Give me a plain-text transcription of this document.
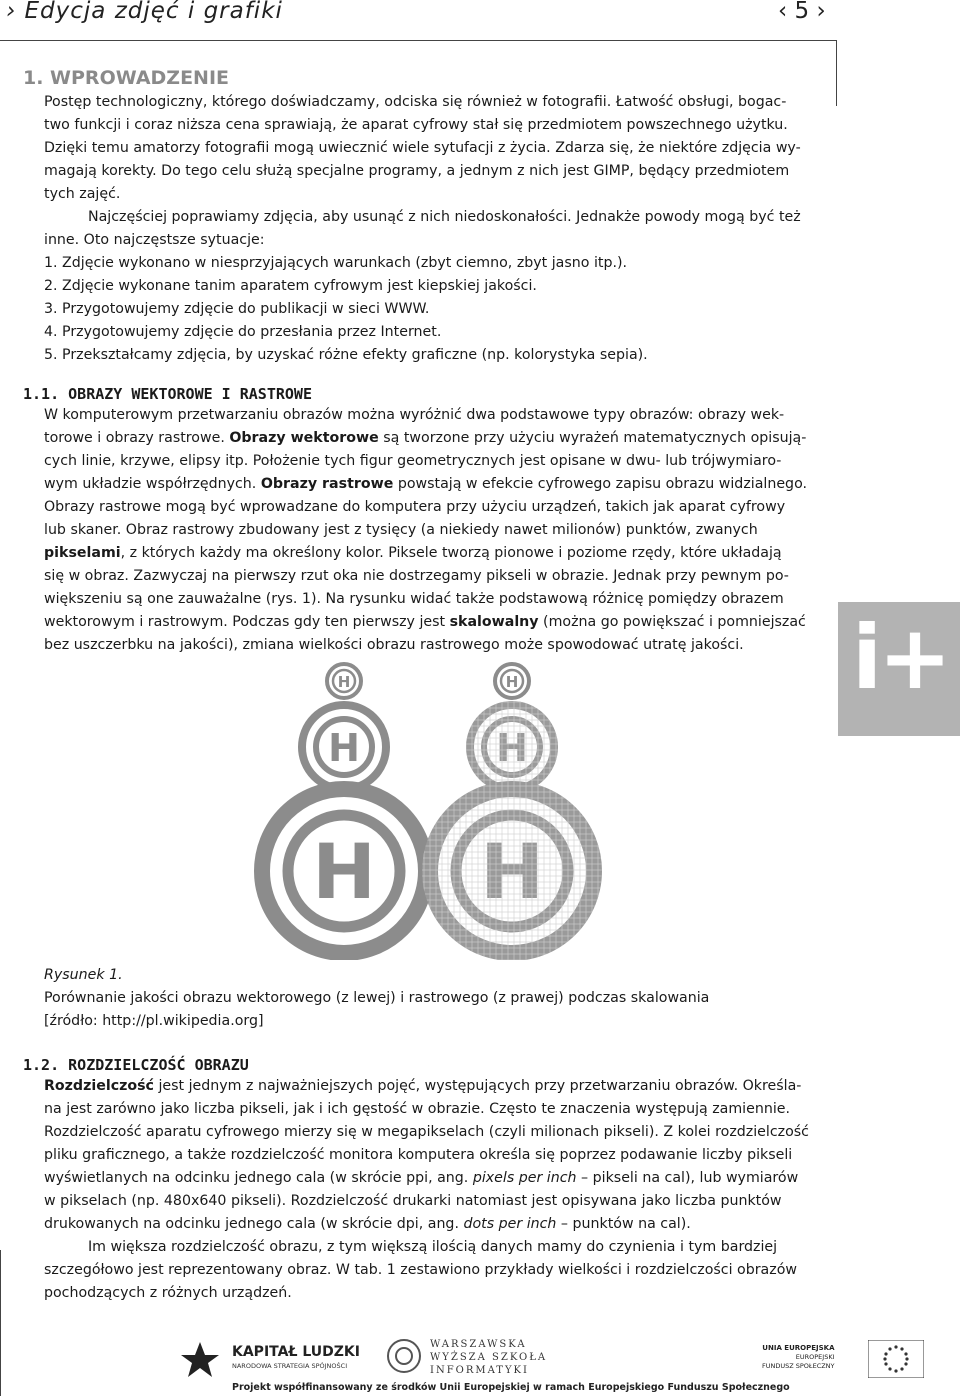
› Edycja zdjęć i grafiki	‹ 5 ›
1. WPROWADZENIE
Postęp technologiczny, którego doświadczamy, odciska się również w fotografii. Łatwość obsługi, bogac-
two funkcji i coraz niższa cena sprawiają, że aparat cyfrowy stał się przedmiotem powszechnego użytku.
Dzięki temu amatorzy fotografii mogą uwiecznić wiele sytufacji z życia. Zdarza się, że niektóre zdjęcia wy-
magają korekty. Do tego celu służą specjalne programy, a jednym z nich jest GIMP, będący przedmiotem
tych zajęć.
Najczęściej poprawiamy zdjęcia, aby usunąć z nich niedoskonałości. Jednakże powody mogą być też
inne. Oto najczęstsze sytuacje:
1. Zdjęcie wykonano w niesprzyjających warunkach (zbyt ciemno, zbyt jasno itp.).
2. Zdjęcie wykonane tanim aparatem cyfrowym jest kiepskiej jakości.
3. Przygotowujemy zdjęcie do publikacji w sieci WWW.
4. Przygotowujemy zdjęcie do przesłania przez Internet.
5. Przekształcamy zdjęcia, by uzyskać różne efekty graficzne (np. kolorystyka sepia).
1.1. OBRAZY WEKTOROWE I RASTROWE
W komputerowym przetwarzaniu obrazów można wyróżnić dwa podstawowe typy obrazów: obrazy wek-
torowe i obrazy rastrowe. Obrazy wektorowe są tworzone przy użyciu wyrażeń matematycznych opisują-
cych linie, krzywe, elipsy itp. Położenie tych figur geometrycznych jest opisane w dwu- lub trójwymiaro-
wym układzie współrzędnych. Obrazy rastrowe powstają w efekcie cyfrowego zapisu obrazu widzialnego.
Obrazy rastrowe mogą być wprowadzane do komputera przy użyciu urządzeń, takich jak aparat cyfrowy
lub skaner. Obraz rastrowy zbudowany jest z tysięcy (a niekiedy nawet milionów) punktów, zwanych
pikselami, z których każdy ma określony kolor. Piksele tworzą pionowe i poziome rzędy, które układają
się w obraz. Zazwyczaj na pierwszy rzut oka nie dostrzegamy pikseli w obrazie. Jednak przy pewnym po-
większeniu są one zauważalne (rys. 1). Na rysunku widać także podstawową różnicę pomiędzy obrazem
wektorowym i rastrowym. Podczas gdy ten pierwszy jest skalowalny (można go powiększać i pomniejszać
bez uszczerbku na jakości), zmiana wielkości obrazu rastrowego może spowodować utratę jakości. i+
H
H
H
H
Rysunek 1.
Porównanie jakości obrazu wektorowego (z lewej) i rastrowego (z prawej) podczas skalowania
[źródło: http://pl.wikipedia.org]
1.2. ROZDZIELCZOŚĆ OBRAZU
Rozdzielczość jest jednym z najważniejszych pojęć, występujących przy przetwarzaniu obrazów. Określa-
na jest zarówno jako liczba pikseli, jak i ich gęstość w obrazie. Często te znaczenia występują zamiennie.
Rozdzielczość aparatu cyfrowego mierzy się w megapikselach (czyli milionach pikseli). Z kolei rozdzielczość
pliku graficznego, a także rozdzielczość monitora komputera określa się poprzez podawanie liczby pikseli
wyświetlanych na odcinku jednego cala (w skrócie ppi, ang. pixels per inch – pikseli na cal), lub wymiarów
w pikselach (np. 480x640 pikseli). Rozdzielczość drukarki natomiast jest opisywana jako liczba punktów
drukowanych na odcinku jednego cala (w skrócie dpi, ang. dots per inch – punktów na cal).
Im większa rozdzielczość obrazu, z tym większą ilością danych mamy do czynienia i tym bardziej
szczegółowo jest reprezentowany obraz. W tab. 1 zestawiono przykłady wielkości i rozdzielczości obrazów
pochodzących z różnych urządzeń.
KAPITAŁ LUDZKI
NARODOWA STRATEGIA SPÓJNOŚCI
WARSZAWSKA
WYŻSZA SZKOŁA
INFORMATYKI
UNIA EUROPEJSKA
EUROPEJSKI
FUNDUSZ SPOŁECZNY
Projekt współfinansowany ze środków Unii Europejskiej w ramach Europejskiego Funduszu Społecznego
